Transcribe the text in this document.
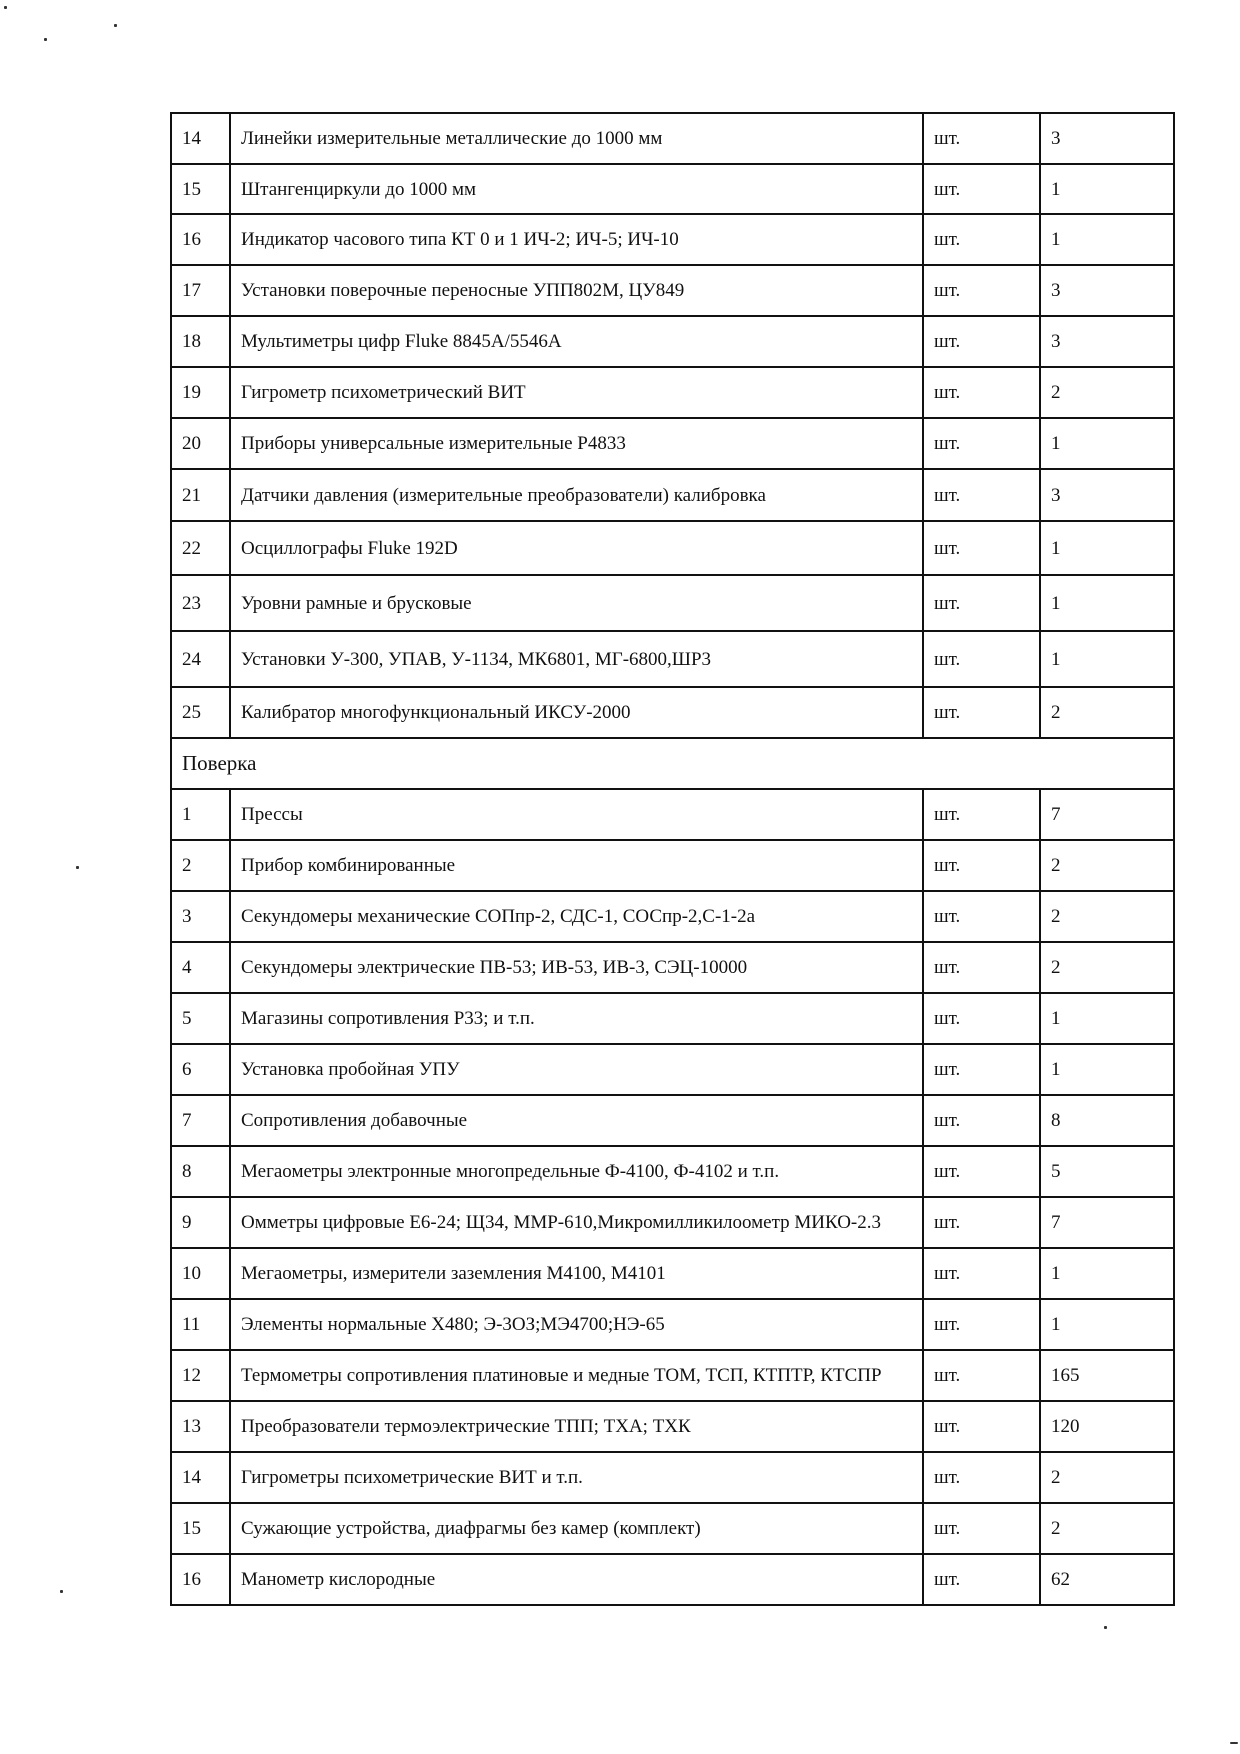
14	Линейки измерительные металлические до 1000 мм	шт.	3
15	Штангенциркули до 1000 мм	шт.	1
16	Индикатор часового типа КТ 0 и 1 ИЧ-2; ИЧ-5; ИЧ-10	шт.	1
17	Установки поверочные переносные УПП802М, ЦУ849	шт.	3
18	Мультиметры цифр Fluke 8845A/5546A	шт.	3
19	Гигрометр психометрический ВИТ	шт.	2
20	Приборы универсальные измерительные Р4833	шт.	1
21	Датчики давления (измерительные преобразователи) калибровка	шт.	3
22	Осциллографы Fluke 192D	шт.	1
23	Уровни рамные и брусковые	шт.	1
24	Установки У-300, УПАВ, У-1134, МК6801, МГ-6800,ШР3	шт.	1
25	Калибратор многофункциональный ИКСУ-2000	шт.	2
Поверка			
1	Прессы	шт.	7
2	Прибор комбинированные	шт.	2
3	Секундомеры механические СОПпр-2, СДС-1, СОСпр-2,С-1-2а	шт.	2
4	Секундомеры электрические ПВ-53; ИВ-53, ИВ-3, СЭЦ-10000	шт.	2
5	Магазины сопротивления Р33; и т.п.	шт.	1
6	Установка пробойная УПУ	шт.	1
7	Сопротивления добавочные	шт.	8
8	Мегаометры электронные многопредельные Ф-4100, Ф-4102 и т.п.	шт.	5
9	Омметры цифровые Е6-24; Щ34, ММР-610,Микромилликилоометр МИКО-2.3	шт.	7
10	Мегаометры, измерители заземления М4100, М4101	шт.	1
11	Элементы нормальные Х480; Э-3ОЗ;МЭ4700;НЭ-65	шт.	1
12	Термометры сопротивления платиновые и медные ТОМ, ТСП, КТПТР, КТСПР	шт.	165
13	Преобразователи термоэлектрические ТПП; ТХА; ТХК	шт.	120
14	Гигрометры психометрические ВИТ и т.п.	шт.	2
15	Сужающие устройства, диафрагмы без камер (комплект)	шт.	2
16	Манометр кислородные	шт.	62
